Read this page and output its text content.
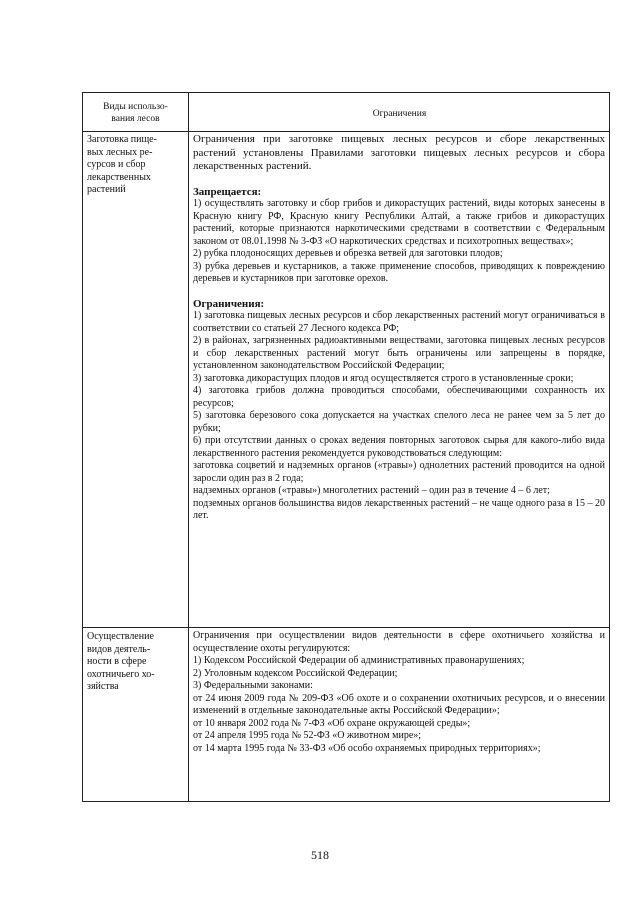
Виды использо-
вания лесов	Ограничения
Заготовка пище-
вых лесных ре-
сурсов и сбор
лекарственных
растений

Ограничения при заготовке пищевых лесных ресурсов и сборе лекарственных растений установлены Правилами заготовки пищевых лесных ресурсов и сбора лекарственных растений.

Запрещается:

1) осуществлять заготовку и сбор грибов и дикорастущих растений, виды которых занесены в Красную книгу РФ, Красную книгу Республики Алтай, а также грибов и дикорастущих растений, которые признаются наркотическими средствами в соответствии с Федеральным законом от 08.01.1998 № 3-ФЗ «О наркотических средствах и психотропных веществах»;

2) рубка плодоносящих деревьев и обрезка ветвей для заготовки плодов;

3) рубка деревьев и кустарников, а также применение способов, приводящих к повреждению деревьев и кустарников при заготовке орехов.

Ограничения:

1) заготовка пищевых лесных ресурсов и сбор лекарственных растений могут ограничиваться в соответствии со статьей 27 Лесного кодекса РФ;

2) в районах, загрязненных радиоактивными веществами, заготовка пищевых лесных ресурсов и сбор лекарственных растений могут быть ограничены или запрещены в порядке, установленном законодательством Российской Федерации;

3) заготовка дикорастущих плодов и ягод осуществляется строго в установленные сроки;

4) заготовка грибов должна проводиться способами, обеспечивающими сохранность их ресурсов;

5) заготовка березового сока допускается на участках спелого леса не ранее чем за 5 лет до рубки;

6) при отсутствии данных о сроках ведения повторных заготовок сырья для какого-либо вида лекарственного растения рекомендуется руководствоваться следующим:

заготовка соцветий и надземных органов («травы») однолетних растений проводится на одной заросли один раз в 2 года;

надземных органов («травы») многолетних растений – один раз в течение 4 – 6 лет;

подземных органов большинства видов лекарственных растений – не чаще одного раза в 15 – 20 лет.

Осуществление
видов деятель-
ности в сфере
охотничьего хо-
зяйства

Ограничения при осуществлении видов деятельности в сфере охотничьего хозяйства и осуществление охоты регулируются:

1) Кодексом Российской Федерации об административных правонарушениях;

2) Уголовным кодексом Российской Федерации;

3) Федеральными законами:

от 24 июня 2009 года № 209-ФЗ «Об охоте и о сохранении охотничьих ресурсов, и о внесении изменений в отдельные законодательные акты Российской Федерации»;

от 10 января 2002 года № 7-ФЗ «Об охране окружающей среды»;

от 24 апреля 1995 года № 52-ФЗ «О животном мире»;

от 14 марта 1995 года № 33-ФЗ «Об особо охраняемых природных территориях»;

518
